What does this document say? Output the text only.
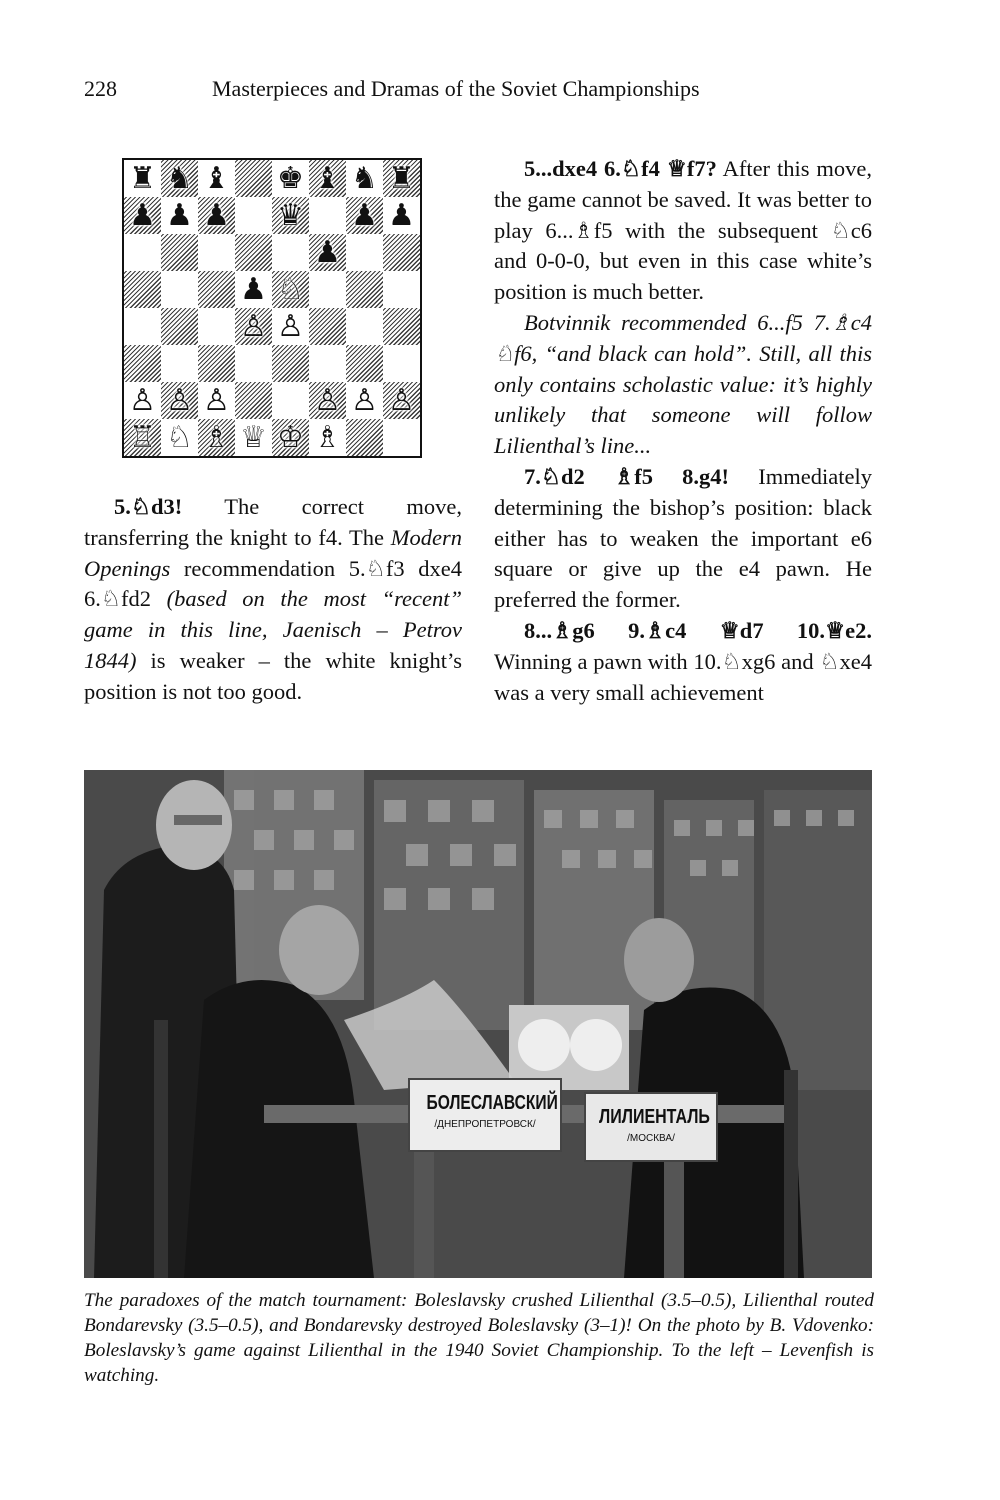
228	Masterpieces and Dramas of the Soviet Championships
♜ ♞ ♝ ♚ ♝ ♞ ♜
♟ ♟ ♟ ♛ ♟ ♟
♟
♟ ♘
♙ ♙
♙ ♙ ♙	♙ ♙ ♙
♖ ♘ ♗ ♕ ♔ ♗

5.♘d3! The correct move, transferring the knight to f4. The Modern Openings recommendation 5.♘f3 dxe4 6.♘fd2 (based on the most “recent” game in this line, Jaenisch – Petrov 1844) is weaker – the white knight’s position is not too good.

5...dxe4 6.♘f4 ♕f7? After this move, the game cannot be saved. It was better to play 6...♗f5 with the subsequent ♘c6 and 0-0-0, but even in this case white’s position is much better.

Botvinnik recommended 6...f5 7.♗c4 ♘f6, “and black can hold”. Still, all this only contains scholastic value: it’s highly unlikely that someone will follow Lilienthal’s line...

7.♘d2 ♗f5 8.g4! Immediately determining the bishop’s position: black either has to weaken the important e6 square or give up the e4 pawn. He preferred the former.

8...♗g6 9.♗c4 ♕d7 10.♕e2. Winning a pawn with 10.♘xg6 and ♘xe4 was a very small achievement

БОЛЕСЛАВСКИЙ
/ДНЕПРОПЕТРОВСК/	ЛИЛИЕНТАЛЬ
/МОСКВА/
The paradoxes of the match tournament: Boleslavsky crushed Lilienthal (3.5–0.5), Lilienthal routed Bondarevsky (3.5–0.5), and Bondarevsky destroyed Boleslavsky (3–1)! On the photo by B. Vdovenko: Boleslavsky’s game against Lilienthal in the 1940 Soviet Championship. To the left – Levenfish is watching.
